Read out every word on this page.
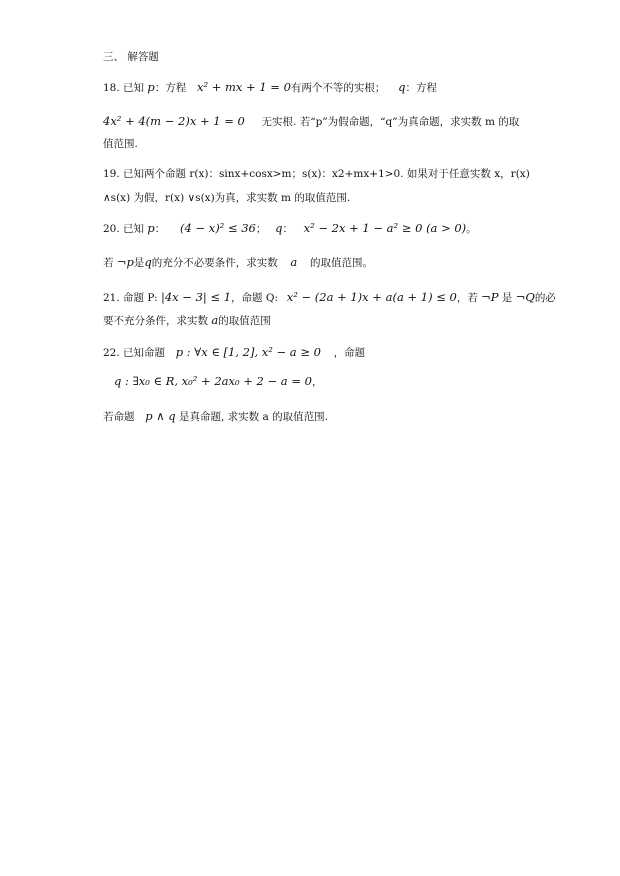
三、 解答题
18. 已知 p：方程 x² + mx + 1 = 0有两个不等的实根； q：方程
4x² + 4(m − 2)x + 1 = 0 无实根. 若“p”为假命题，“q”为真命题，求实数 m 的取
值范围.
19. 已知两个命题 r(x)：sinx+cosx>m；s(x)：x2+mx+1>0. 如果对于任意实数 x，r(x)
∧s(x) 为假，r(x) ∨s(x)为真，求实数 m 的取值范围.
20. 已知 p： (4 − x)² ≤ 36； q： x² − 2x + 1 − a² ≥ 0 (a > 0)。
若 ¬p是q的充分不必要条件，求实数 a 的取值范围。
21. 命题 P: |4x − 3| ≤ 1，命题 Q: x² − (2a + 1)x + a(a + 1) ≤ 0，若 ¬P 是 ¬Q的必
要不充分条件，求实数 a的取值范围
22. 已知命题 p : ∀x ∈ [1, 2], x² − a ≥ 0 ，命题
q : ∃x₀ ∈ R, x₀² + 2ax₀ + 2 − a = 0，
若命题 p ∧ q 是真命题, 求实数 a 的取值范围.
